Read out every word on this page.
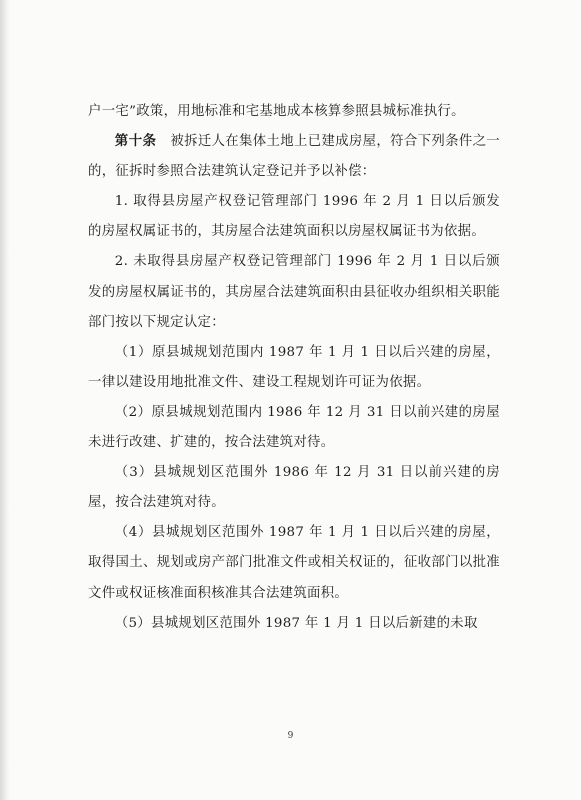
户一宅”政策，用地标准和宅基地成本核算参照县城标准执行。

第十条　被拆迁人在集体土地上已建成房屋，符合下列条件之一的，征拆时参照合法建筑认定登记并予以补偿：

1. 取得县房屋产权登记管理部门 1996 年 2 月 1 日以后颁发的房屋权属证书的，其房屋合法建筑面积以房屋权属证书为依据。

2. 未取得县房屋产权登记管理部门 1996 年 2 月 1 日以后颁发的房屋权属证书的，其房屋合法建筑面积由县征收办组织相关职能部门按以下规定认定：

（1）原县城规划范围内 1987 年 1 月 1 日以后兴建的房屋，一律以建设用地批准文件、建设工程规划许可证为依据。

（2）原县城规划范围内 1986 年 12 月 31 日以前兴建的房屋未进行改建、扩建的，按合法建筑对待。

（3）县城规划区范围外 1986 年 12 月 31 日以前兴建的房屋，按合法建筑对待。

（4）县城规划区范围外 1987 年 1 月 1 日以后兴建的房屋，取得国土、规划或房产部门批准文件或相关权证的，征收部门以批准文件或权证核准面积核准其合法建筑面积。

（5）县城规划区范围外 1987 年 1 月 1 日以后新建的未取

9
